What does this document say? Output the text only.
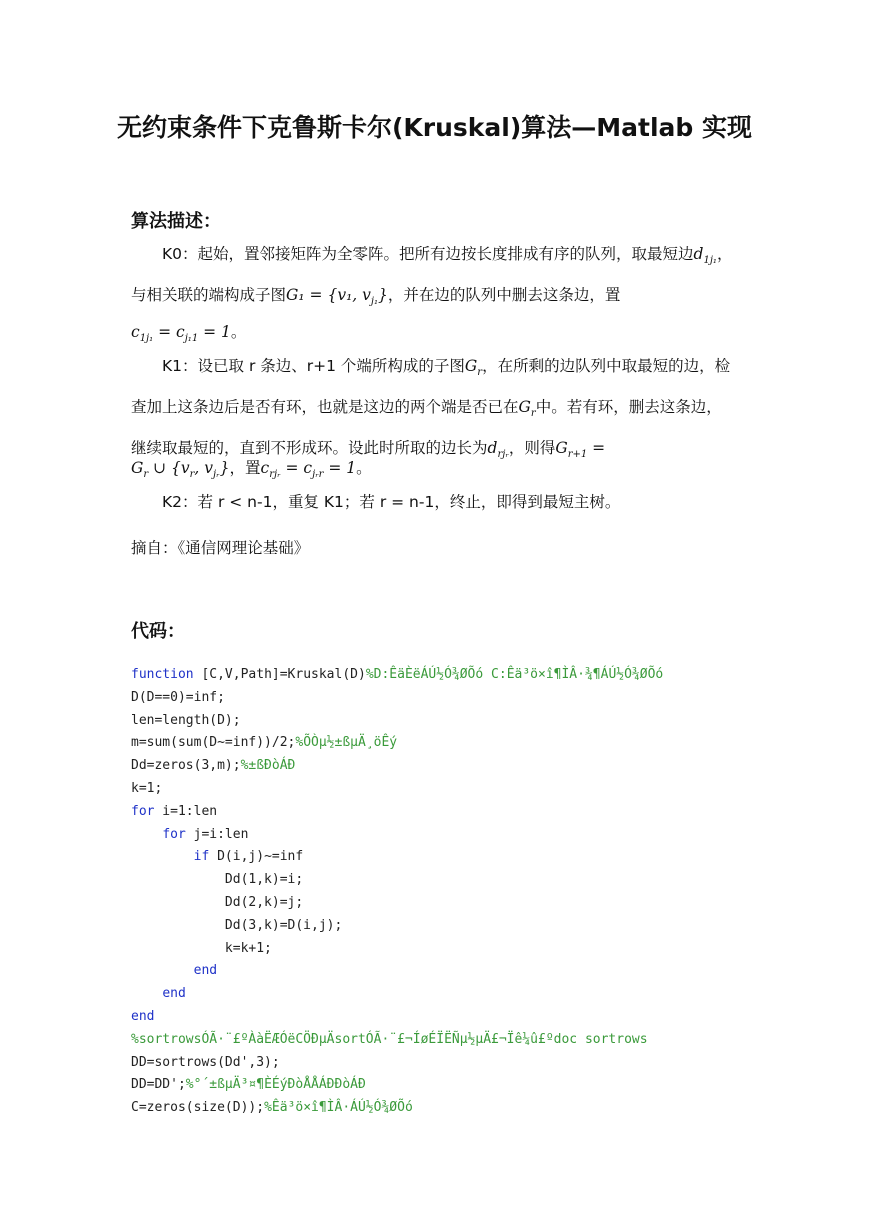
无约束条件下克鲁斯卡尔(Kruskal)算法—Matlab 实现
算法描述：
K0：起始，置邻接矩阵为全零阵。把所有边按长度排成有序的队列，取最短边$d_{1j_1}$，与相关联的端构成子图G₁ = {v₁, $v_{j_1}$}，并在边的队列中删去这条边，置
$c_{1j_1} = c_{j_11} = 1$。
K1：设已取 r 条边、r+1 个端所构成的子图$G_r$，在所剩的边队列中取最短的边，检查加上这条边后是否有环，也就是这边的两个端是否已在$G_r$中。若有环，删去这条边，继续取最短的，直到不形成环。设此时所取的边长为$d_{rjᵣ}$，则得$G_{r+1}$ =
$G_r$ ∪ {$v_r$, $v_{jᵣ}$}，置$c_{rjᵣ} = c_{jᵣr} = 1$。
K2：若 r < n-1，重复 K1；若 r = n-1，终止，即得到最短主树。
摘自：《通信网理论基础》
代码：
function [C,V,Path]=Kruskal(D)%D:ÊäÈëÁÚ½Ó¾ØÕó C:Êä³ö×î¶ÌÂ·¾¶ÁÚ½Ó¾ØÕó
D(D==0)=inf;
len=length(D);
m=sum(sum(D~=inf))/2;%ÕÒµ½±ßµÄ¸öÊý
Dd=zeros(3,m);%±ßÐòÁÐ
k=1;
for i=1:len
for j=i:len
if D(i,j)~=inf
Dd(1,k)=i;
Dd(2,k)=j;
Dd(3,k)=D(i,j);
k=k+1;
end
end
end
%sortrowsÓÃ·¨£ºÀàËÆÓëCÖÐµÄsortÓÃ·¨£¬ÍøÉÏËÑµ½µÄ£¬Ïê¼û£ºdoc sortrows
DD=sortrows(Dd',3);
DD=DD';%°´±ßµÄ³¤¶ÈÉýÐòÅÅÁÐÐòÁÐ
C=zeros(size(D));%Êä³ö×î¶ÌÂ·ÁÚ½Ó¾ØÕó
